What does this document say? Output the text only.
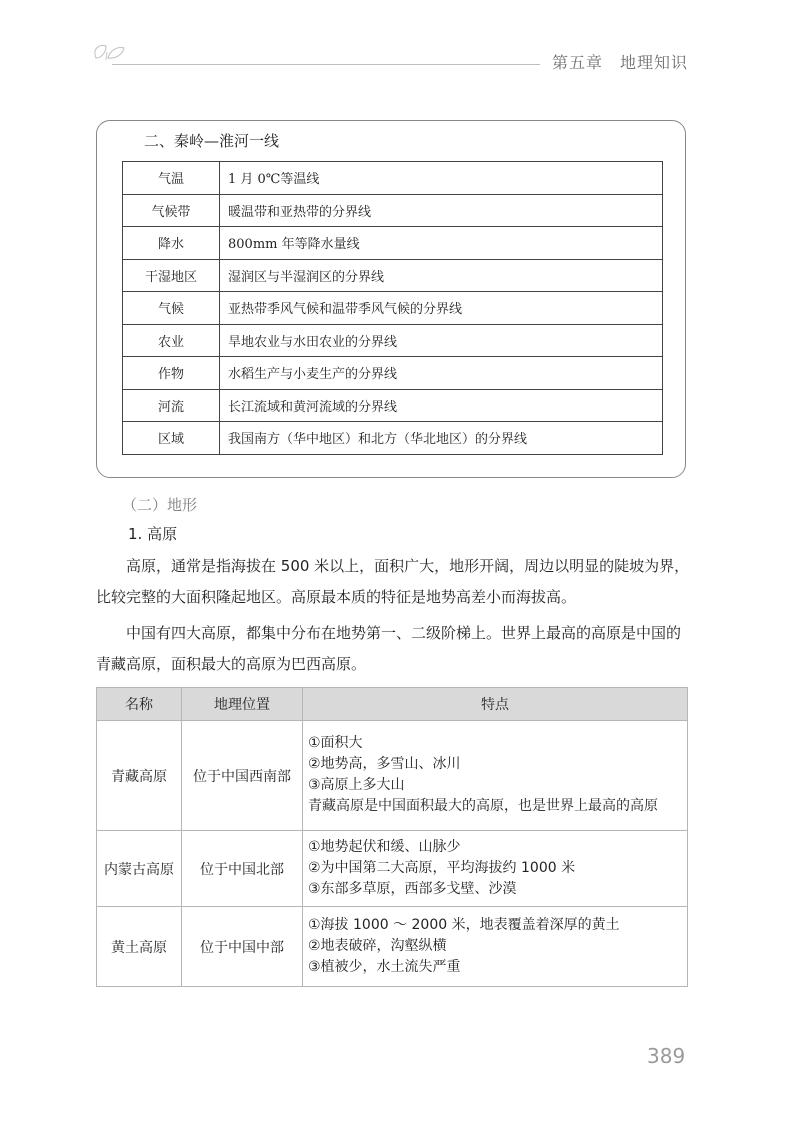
第五章　地理知识
二、秦岭—淮河一线
气温	1 月 0℃等温线
气候带	暖温带和亚热带的分界线
降水	800mm 年等降水量线
干湿地区	湿润区与半湿润区的分界线
气候	亚热带季风气候和温带季风气候的分界线
农业	旱地农业与水田农业的分界线
作物	水稻生产与小麦生产的分界线
河流	长江流域和黄河流域的分界线
区域	我国南方（华中地区）和北方（华北地区）的分界线
（二）地形
1. 高原

高原，通常是指海拔在 500 米以上，面积广大，地形开阔，周边以明显的陡坡为界，比较完整的大面积隆起地区。高原最本质的特征是地势高差小而海拔高。

中国有四大高原，都集中分布在地势第一、二级阶梯上。世界上最高的高原是中国的青藏高原，面积最大的高原为巴西高原。

名称	地理位置	特点
青藏高原	位于中国西南部	①面积大
②地势高，多雪山、冰川
③高原上多大山
青藏高原是中国面积最大的高原，也是世界上最高的高原

内蒙古高原	位于中国北部	①地势起伏和缓、山脉少
②为中国第二大高原，平均海拔约 1000 米
③东部多草原，西部多戈壁、沙漠

黄土高原	位于中国中部	①海拔 1000 ～ 2000 米，地表覆盖着深厚的黄土
②地表破碎，沟壑纵横
③植被少，水土流失严重
389
